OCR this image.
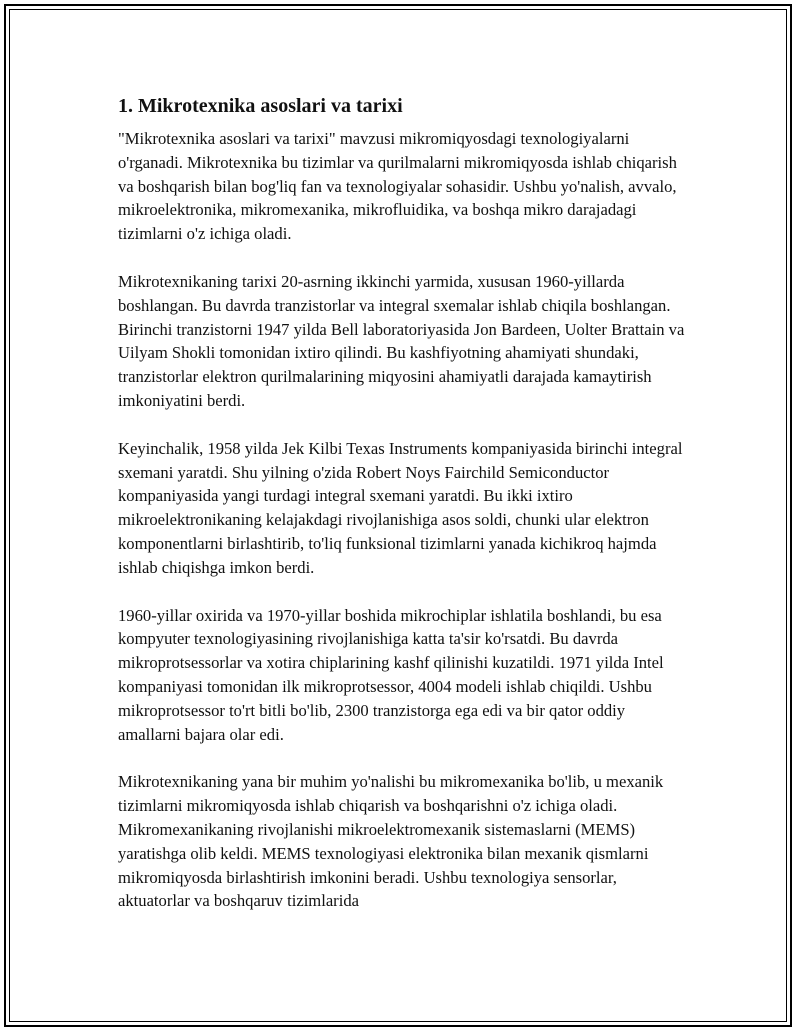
1. Mikrotexnika asoslari va tarixi

"Mikrotexnika asoslari va tarixi" mavzusi mikromiqyosdagi texnologiyalarni o'rganadi. Mikrotexnika bu tizimlar va qurilmalarni mikromiqyosda ishlab chiqarish va boshqarish bilan bog'liq fan va texnologiyalar sohasidir. Ushbu yo'nalish, avvalo, mikroelektronika, mikromexanika, mikrofluidika, va boshqa mikro darajadagi tizimlarni o'z ichiga oladi.

Mikrotexnikaning tarixi 20-asrning ikkinchi yarmida, xususan 1960-yillarda boshlangan. Bu davrda tranzistorlar va integral sxemalar ishlab chiqila boshlangan. Birinchi tranzistorni 1947 yilda Bell laboratoriyasida Jon Bardeen, Uolter Brattain va Uilyam Shokli tomonidan ixtiro qilindi. Bu kashfiyotning ahamiyati shundaki, tranzistorlar elektron qurilmalarining miqyosini ahamiyatli darajada kamaytirish imkoniyatini berdi.

Keyinchalik, 1958 yilda Jek Kilbi Texas Instruments kompaniyasida birinchi integral sxemani yaratdi. Shu yilning o'zida Robert Noys Fairchild Semiconductor kompaniyasida yangi turdagi integral sxemani yaratdi. Bu ikki ixtiro mikroelektronikaning kelajakdagi rivojlanishiga asos soldi, chunki ular elektron komponentlarni birlashtirib, to'liq funksional tizimlarni yanada kichikroq hajmda ishlab chiqishga imkon berdi.

1960-yillar oxirida va 1970-yillar boshida mikrochiplar ishlatila boshlandi, bu esa kompyuter texnologiyasining rivojlanishiga katta ta'sir ko'rsatdi. Bu davrda mikroprotsessorlar va xotira chiplarining kashf qilinishi kuzatildi. 1971 yilda Intel kompaniyasi tomonidan ilk mikroprotsessor, 4004 modeli ishlab chiqildi. Ushbu mikroprotsessor to'rt bitli bo'lib, 2300 tranzistorga ega edi va bir qator oddiy amallarni bajara olar edi.

Mikrotexnikaning yana bir muhim yo'nalishi bu mikromexanika bo'lib, u mexanik tizimlarni mikromiqyosda ishlab chiqarish va boshqarishni o'z ichiga oladi. Mikromexanikaning rivojlanishi mikroelektromexanik sistemaslarni (MEMS) yaratishga olib keldi. MEMS texnologiyasi elektronika bilan mexanik qismlarni mikromiqyosda birlashtirish imkonini beradi. Ushbu texnologiya sensorlar, aktuatorlar va boshqaruv tizimlarida
